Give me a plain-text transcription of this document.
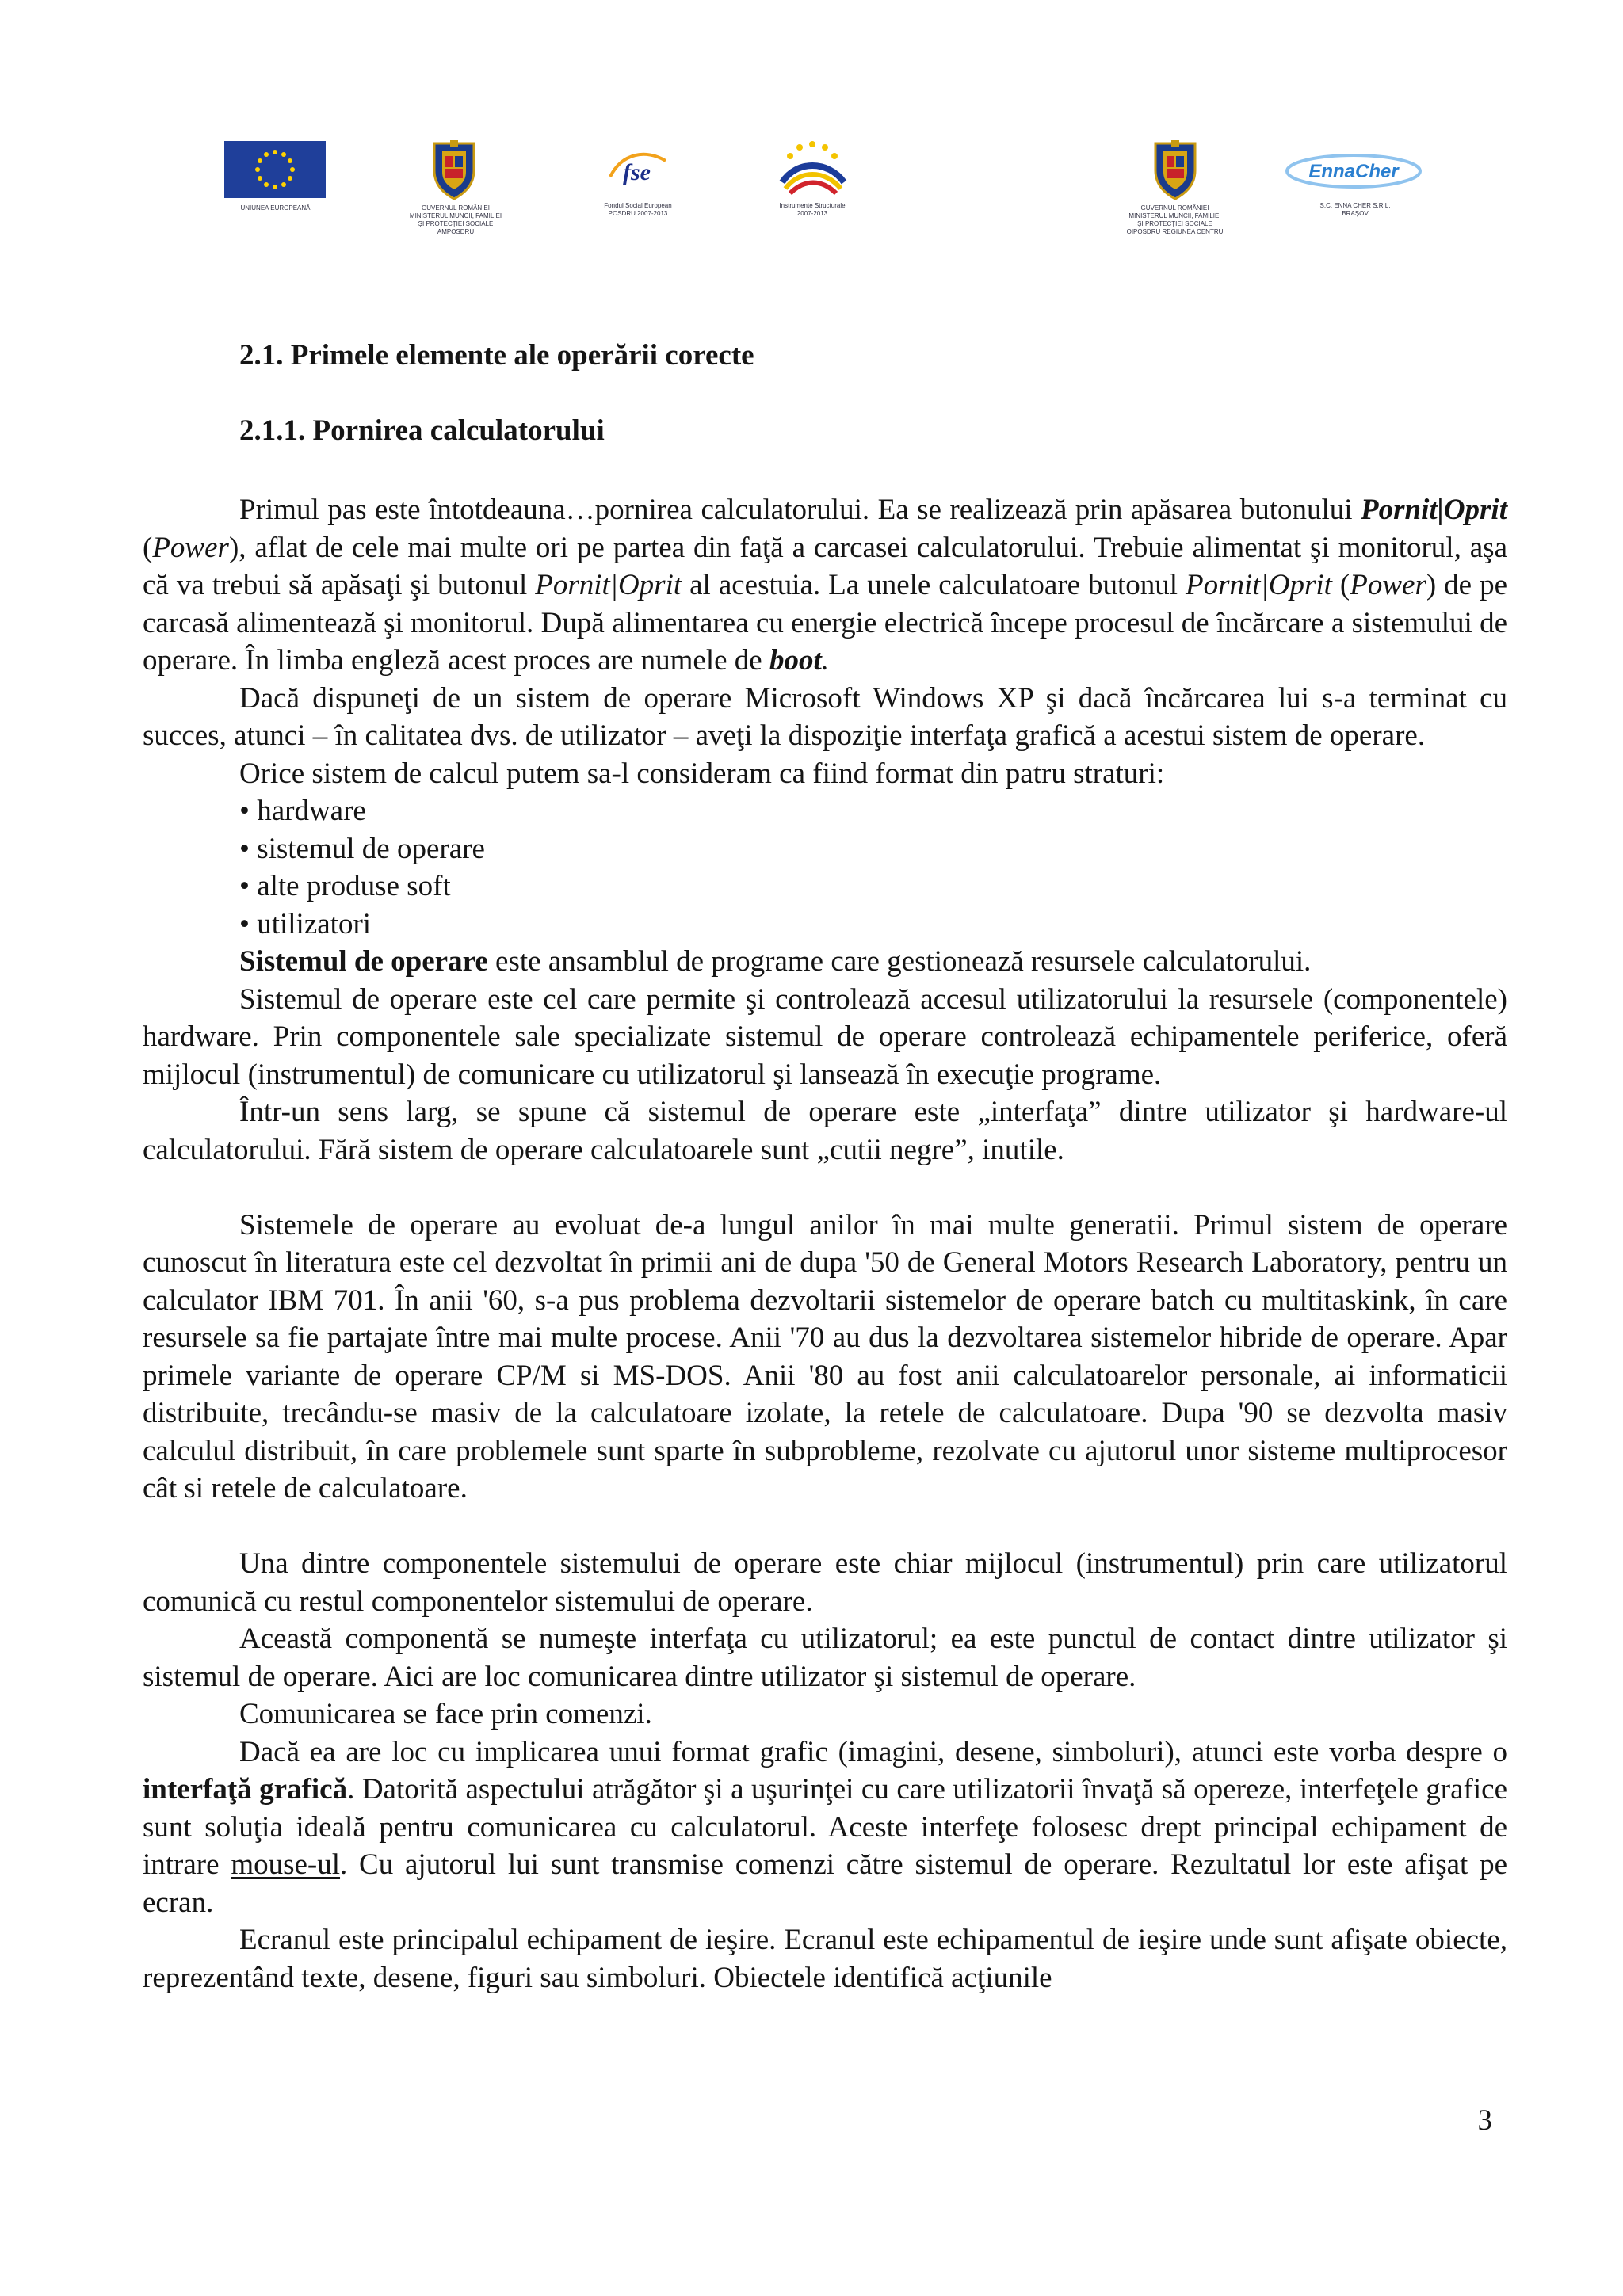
UNIUNEA EUROPEANĂ	GUVERNUL ROMÂNIEI
MINISTERUL MUNCII, FAMILIEI
ȘI PROTECȚIEI SOCIALE
AMPOSDRU
fse
Fondul Social European
POSDRU 2007-2013
Instrumente Structurale
2007-2013
GUVERNUL ROMÂNIEI
MINISTERUL MUNCII, FAMILIEI
ȘI PROTECȚIEI SOCIALE
OIPOSDRU REGIUNEA CENTRU
EnnaCher
S.C. ENNA CHER S.R.L.
BRAȘOV
2.1. Primele elemente ale operării corecte
2.1.1. Pornirea calculatorului

Primul pas este întotdeauna…pornirea calculatorului. Ea se realizează prin apăsarea butonului Pornit|Oprit (Power), aflat de cele mai multe ori pe partea din faţă a carcasei calculatorului. Trebuie alimentat şi monitorul, aşa că va trebui să apăsaţi şi butonul Pornit|Oprit al acestuia. La unele calculatoare butonul Pornit|Oprit (Power) de pe carcasă alimentează şi monitorul. După alimentarea cu energie electrică începe procesul de încărcare a sistemului de operare. În limba engleză acest proces are numele de boot.

Dacă dispuneţi de un sistem de operare Microsoft Windows XP şi dacă încărcarea lui s-a terminat cu succes, atunci – în calitatea dvs. de utilizator – aveţi la dispoziţie interfaţa grafică a acestui sistem de operare.

Orice sistem de calcul putem sa-l consideram ca fiind format din patru straturi:

• hardware

• sistemul de operare

• alte produse soft

• utilizatori

Sistemul de operare este ansamblul de programe care gestionează resursele calculatorului.

Sistemul de operare este cel care permite şi controlează accesul utilizatorului la resursele (componentele) hardware. Prin componentele sale specializate sistemul de operare controlează echipamentele periferice, oferă mijlocul (instrumentul) de comunicare cu utilizatorul şi lansează în execuţie programe.

Într-un sens larg, se spune că sistemul de operare este „interfaţa” dintre utilizator şi hardware-ul calculatorului. Fără sistem de operare calculatoarele sunt „cutii negre”, inutile.

Sistemele de operare au evoluat de-a lungul anilor în mai multe generatii. Primul sistem de operare cunoscut în literatura este cel dezvoltat în primii ani de dupa '50 de General Motors Research Laboratory, pentru un calculator IBM 701. În anii '60, s-a pus problema dezvoltarii sistemelor de operare batch cu multitaskink, în care resursele sa fie partajate între mai multe procese. Anii '70 au dus la dezvoltarea sistemelor hibride de operare. Apar primele variante de operare CP/M si MS-DOS. Anii '80 au fost anii calculatoarelor personale, ai informaticii distribuite, trecându-se masiv de la calculatoare izolate, la retele de calculatoare. Dupa '90 se dezvolta masiv calculul distribuit, în care problemele sunt sparte în subprobleme, rezolvate cu ajutorul unor sisteme multiprocesor cât si retele de calculatoare.

Una dintre componentele sistemului de operare este chiar mijlocul (instrumentul) prin care utilizatorul comunică cu restul componentelor sistemului de operare.

Această componentă se numeşte interfaţa cu utilizatorul; ea este punctul de contact dintre utilizator şi sistemul de operare. Aici are loc comunicarea dintre utilizator şi sistemul de operare.

Comunicarea se face prin comenzi.

Dacă ea are loc cu implicarea unui format grafic (imagini, desene, simboluri), atunci este vorba despre o interfaţă grafică. Datorită aspectului atrăgător şi a uşurinţei cu care utilizatorii învaţă să opereze, interfeţele grafice sunt soluţia ideală pentru comunicarea cu calculatorul. Aceste interfeţe folosesc drept principal echipament de intrare mouse-ul. Cu ajutorul lui sunt transmise comenzi către sistemul de operare. Rezultatul lor este afişat pe ecran.

Ecranul este principalul echipament de ieşire. Ecranul este echipamentul de ieşire unde sunt afişate obiecte, reprezentând texte, desene, figuri sau simboluri. Obiectele identifică acţiunile

3
